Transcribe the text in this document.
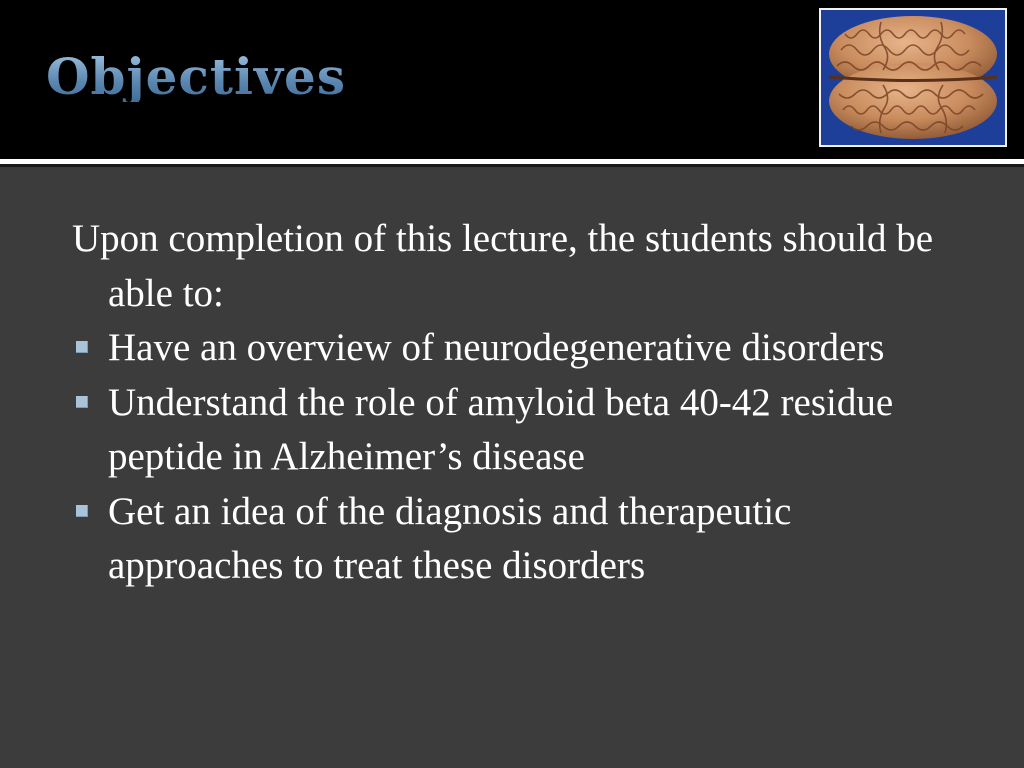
Objectives

Upon completion of this lecture, the students should be able to:

Have an overview of neurodegenerative disorders
Understand the role of amyloid beta 40-42 residue peptide in Alzheimer’s disease
Get an idea of the diagnosis and therapeutic approaches to treat these disorders
